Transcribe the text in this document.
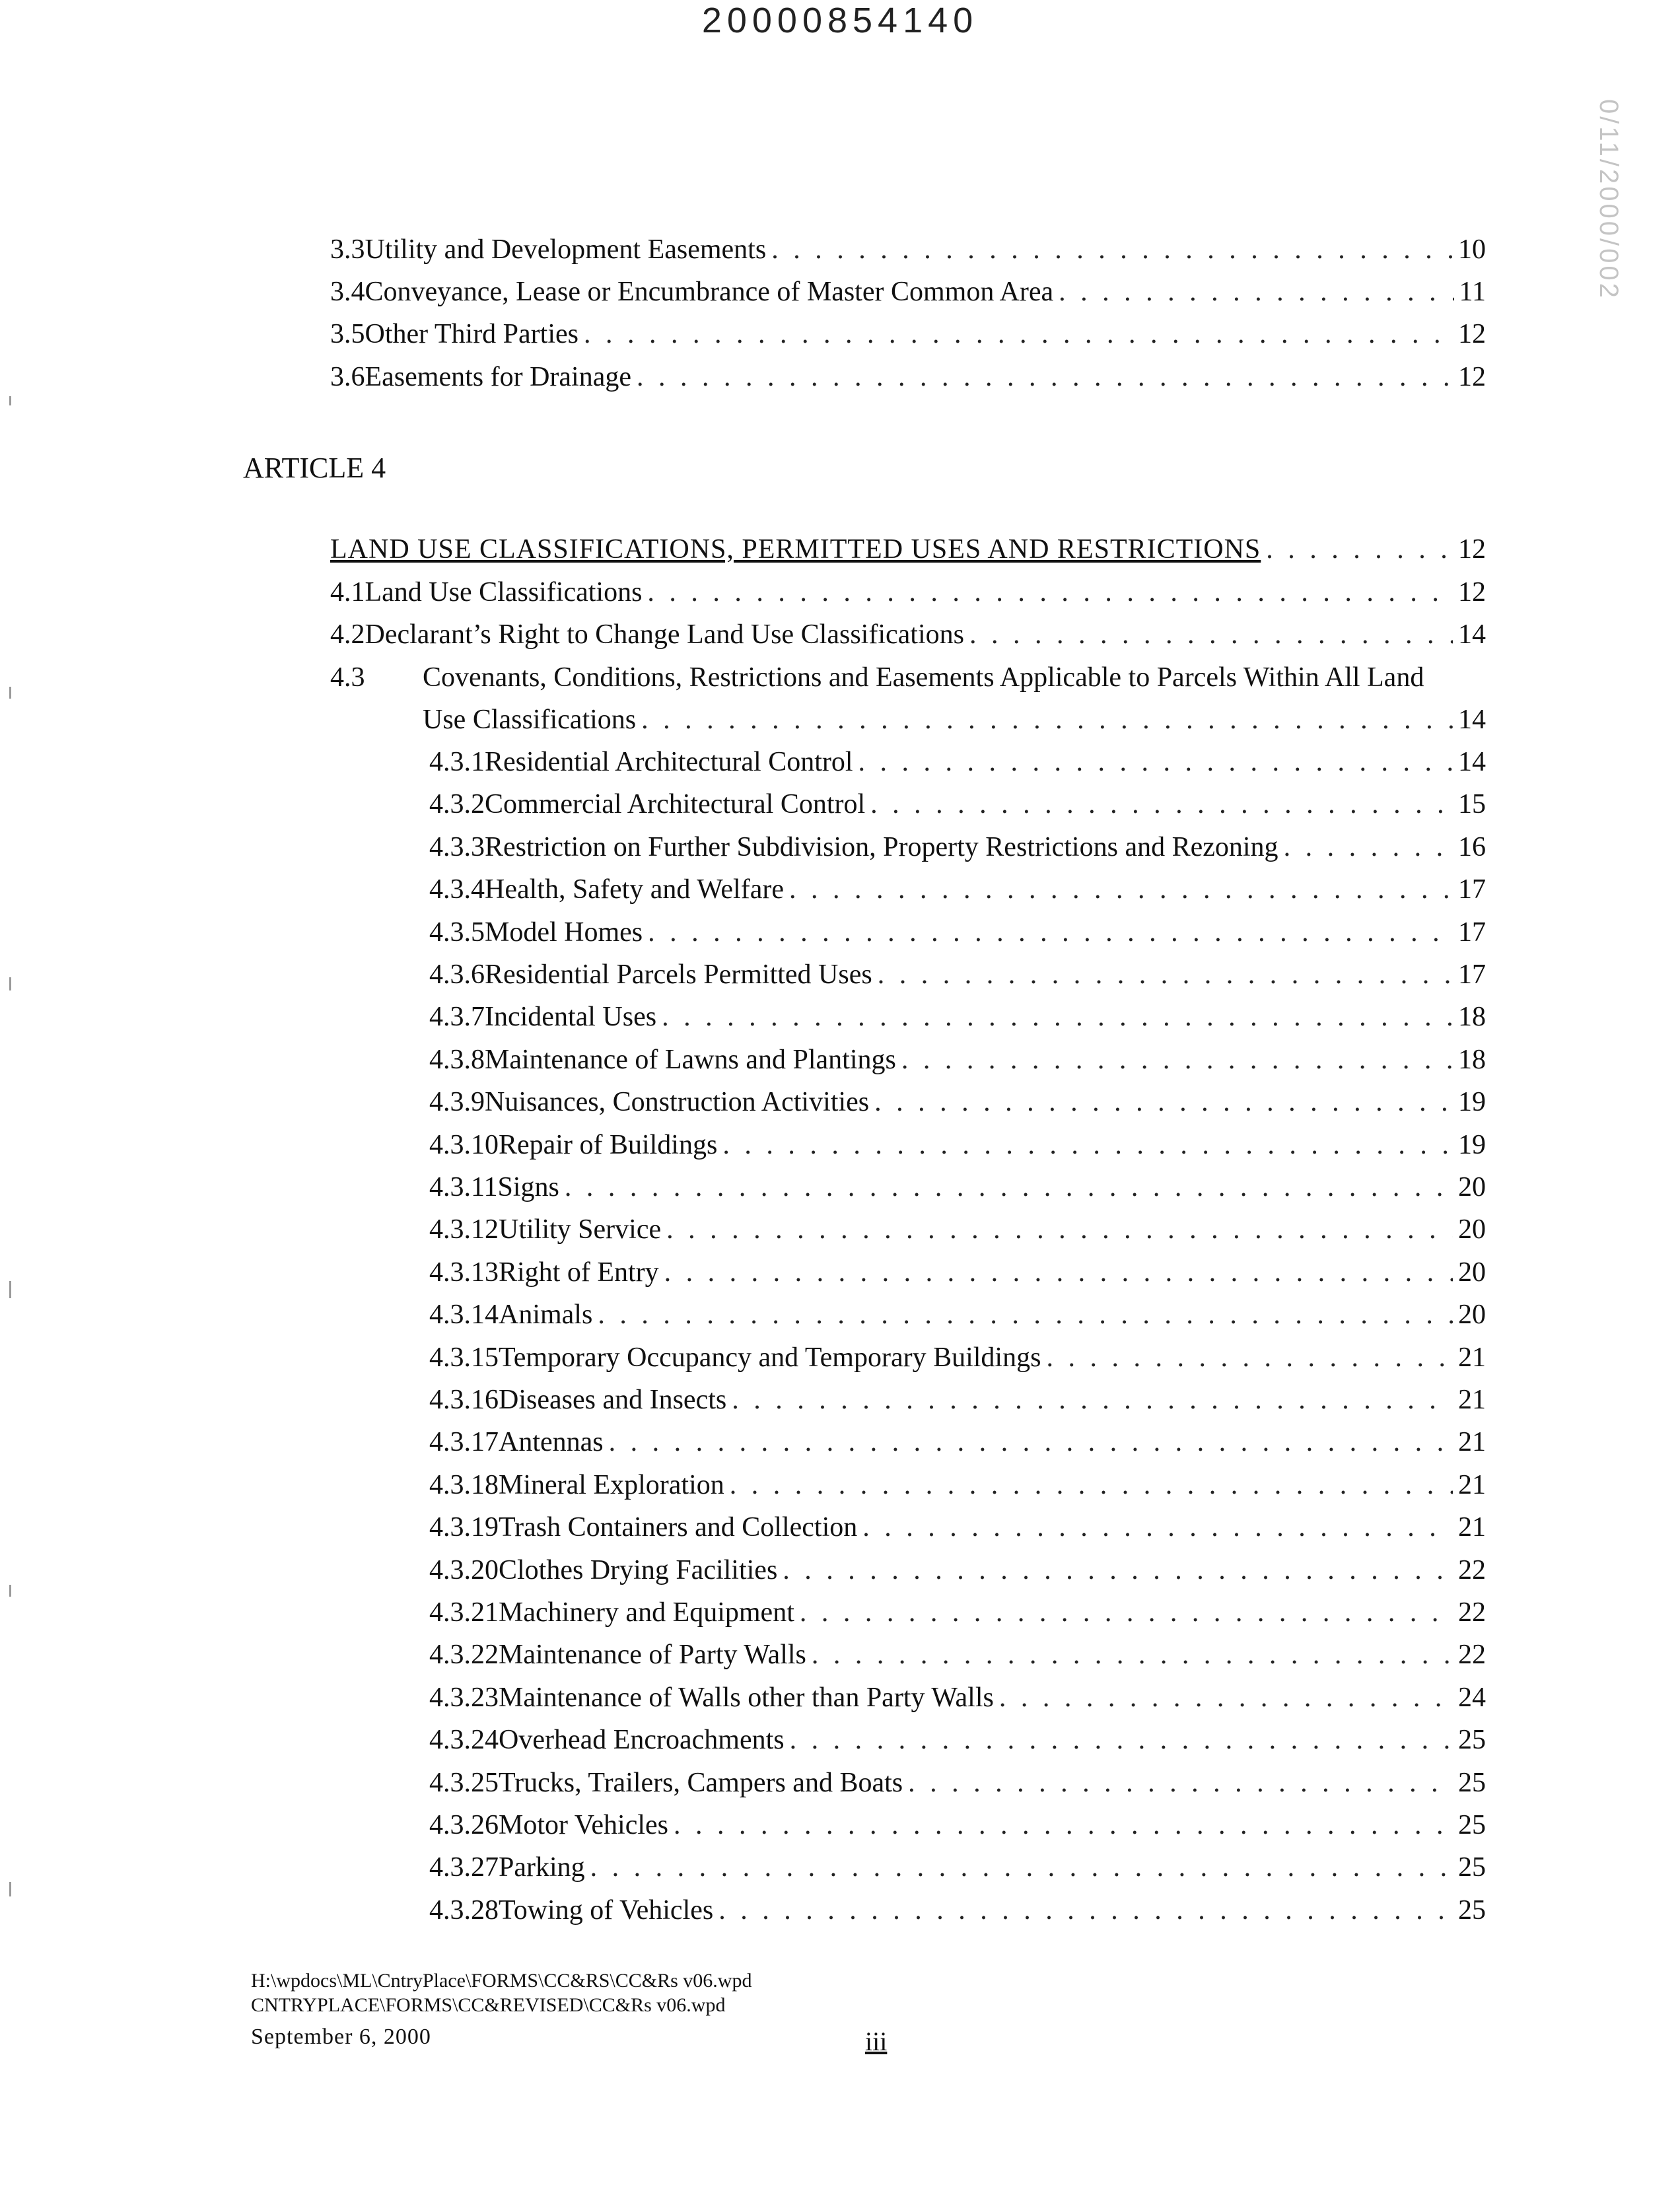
20000854140
0/11/2000/002
3.3 Utility and Development Easements . . .	10
3.4 Conveyance, Lease or Encumbrance of Master Common Area . . .	11
3.5 Other Third Parties . . .	12
3.6 Easements for Drainage . . .	12
ARTICLE 4
LAND USE CLASSIFICATIONS, PERMITTED USES AND RESTRICTIONS . . .	12
4.1 Land Use Classifications . . .	12
4.2 Declarant’s Right to Change Land Use Classifications . . .	14
4.3 Covenants, Conditions, Restrictions and Easements Applicable to Parcels Within All Land
Use Classifications . . .	14
4.3.1 Residential Architectural Control . . .	14
4.3.2 Commercial Architectural Control . . .	15
4.3.3 Restriction on Further Subdivision, Property Restrictions and Rezoning . . .	16
4.3.4 Health, Safety and Welfare . . .	17
4.3.5 Model Homes . . .	17
4.3.6 Residential Parcels Permitted Uses . . .	17
4.3.7 Incidental Uses . . .	18
4.3.8 Maintenance of Lawns and Plantings . . .	18
4.3.9 Nuisances, Construction Activities . . .	19
4.3.10 Repair of Buildings . . .	19
4.3.11 Signs . . .	20
4.3.12 Utility Service . . .	20
4.3.13 Right of Entry . . .	20
4.3.14 Animals . . .	20
4.3.15 Temporary Occupancy and Temporary Buildings . . .	21
4.3.16 Diseases and Insects . . .	21
4.3.17 Antennas . . .	21
4.3.18 Mineral Exploration . . .	21
4.3.19 Trash Containers and Collection . . .	21
4.3.20 Clothes Drying Facilities . . .	22
4.3.21 Machinery and Equipment . . .	22
4.3.22 Maintenance of Party Walls . . .	22
4.3.23 Maintenance of Walls other than Party Walls . . .	24
4.3.24 Overhead Encroachments . . .	25
4.3.25 Trucks, Trailers, Campers and Boats . . .	25
4.3.26 Motor Vehicles . . .	25
4.3.27 Parking . . .	25
4.3.28 Towing of Vehicles . . .	25
H:\wpdocs\ML\CntryPlace\FORMS\CC&RS\CC&Rs v06.wpd
CNTRYPLACE\FORMS\CC&REVISED\CC&Rs v06.wpd
September 6, 2000	iii
